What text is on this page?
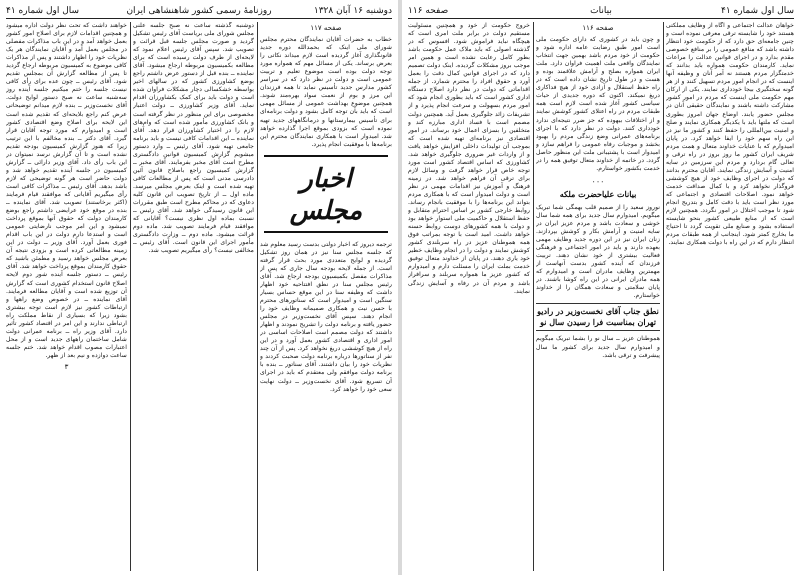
دوشنبه ۱۶ آبان ۱۳۲۸
روزنامهٔ رسمی کشور شاهنشاهی ایران
سال اول شماره ۴۱
صفحه ۱۱۷
خطاب به حضرات آقایان نمایندگان محترم مجلس شورای ملی اینک که بحمدالله دوره جدید قانونگذاری آغاز گردیده است لازم میداند نکاتی را بعرض برساند. یکی از مسائل مهم که همواره مورد توجه دولت بوده است موضوع تعلیم و تربیت عمومی است و دولت در نظر دارد که در سراسر کشور مدارس جدید تأسیس نماید تا همه فرزندان این مرز و بوم از نعمت سواد بهره‌مند شوند. همچنین موضوع بهداشت عمومی از مسائل مهمی است که باید بآن توجه کامل بشود و دولت برنامه‌ای برای تأسیس بیمارستانها و درمانگاههای جدید تهیه نموده است که بزودی بموقع اجرا گذارده خواهد شد. امیدوار است با همکاری نمایندگان محترم این برنامه‌ها با موفقیت انجام پذیرد.
اخبار مجلس
ترجمه دیروز که اخبار دولتی بدست رسید معلوم شد که جلسه مجلس سنا نیز در همان روز تشکیل گردیده و لوایح متعددی مورد بحث قرار گرفته است. از جمله لایحه بودجه سال جاری که پس از مذاکرات مفصل بکمیسیون بودجه ارجاع شد. آقای رئیس مجلس سنا در نطق افتتاحیه خود اظهار داشت که وظیفه سنا در این موقع حساس بسیار سنگین است و امیدوار است که سناتورهای محترم با حسن نیت و همکاری صمیمانه وظایف خود را انجام دهند. سپس آقای نخست‌وزیر در مجلس حضور یافته و برنامه دولت را تشریح نمودند و اظهار داشتند که دولت مصمم است اصلاحات اساسی در امور اداری و اقتصادی کشور بعمل آورد و در این راه از هیچ کوششی دریغ نخواهد کرد. پس از آن چند نفر از سناتورها درباره برنامه دولت صحبت کردند و نظریات خود را بیان داشتند. آقای سناتور ــ بنده با برنامه دولت موافقم ولی معتقدم که باید در اجرای آن تسریع شود. آقای نخست‌وزیر ــ دولت نهایت سعی خود را خواهد کرد.
دوشنبه گذشته ساعت نه صبح جلسه علنی مجلس شورای ملی بریاست آقای رئیس تشکیل گردید و صورت مجلس جلسه قبل قرائت و تصویب شد. سپس آقای رئیس اعلام نمود که لایحه‌ای از طرف دولت رسیده است که برای مطالعه بکمیسیون مربوطه ارجاع میشود. آقای نماینده ــ بنده قبل از دستور عرض داشتم راجع بوضع کشاورزی کشور که در سالهای اخیر بواسطه خشکسالی دچار مشکلات فراوان شده است و دولت باید برای کمک بکشاورزان اقدام نماید. آقای وزیر کشاورزی ــ دولت اعتبار مخصوصی برای این منظور در نظر گرفته است و بانک کشاورزی مأمور شده است که وام‌های لازم را در اختیار کشاورزان قرار دهد. آقای نماینده ــ این اقدامات کافی نیست و باید برنامه جامعی تهیه شود. آقای رئیس ــ وارد دستور میشویم گزارش کمیسیون قوانین دادگستری مطرح است آقای مخبر بفرمایند. آقای مخبر ــ گزارش کمیسیون راجع باصلاح قانون آئین دادرسی مدنی است که پس از مطالعات کافی تهیه شده است و اینک بعرض مجلس میرسد. ماده اول ــ از تاریخ تصویب این قانون کلیه دعاوی که در محاکم مطرح است طبق مقررات این قانون رسیدگی خواهد شد. آقای رئیس ــ نسبت بماده اول نظری نیست؟ آقایانی که موافقند قیام فرمایند تصویب شد. ماده دوم قرائت میشود. ماده دوم ــ وزارت دادگستری مأمور اجرای این قانون است. آقای رئیس ــ مخالفی نیست؟ رأی میگیریم تصویب شد.
خواهند داشت که تحت نظر دولت اداره میشود و همچنین اقدامات لازم برای اصلاح امور کشور بعمل خواهد آمد و در این باب مذاکرات مفصلی در مجلس بعمل آمد و آقایان نمایندگان هر یک نظریات خود را اظهار داشتند و پس از مذاکرات کافی موضوع به کمیسیون مربوطه ارجاع گردید تا پس از مطالعه گزارش آن بمجلس تقدیم شود. آقای رئیس ــ چون عده برای رأی کافی نیست جلسه را ختم میکنیم جلسه آینده روز سه‌شنبه ساعت نه صبح دستور لوایح دولت. آقای نخست‌وزیر ــ بنده لازم میدانم توضیحاتی عرض کنم راجع بلایحه‌ای که تقدیم شده است این لایحه برای اصلاح وضع اقتصادی کشور است و امیدوارم که مورد توجه آقایان قرار گیرد. آقای دکتر ــ بنده مخالفم با این ترتیب زیرا که هنوز گزارش کمیسیون بودجه تقدیم نشده است و تا آن گزارش نرسد نمیتوان در این باب رأی داد. آقای وزیر دارائی ــ گزارش کمیسیون در جلسه آینده تقدیم خواهد شد و دولت حاضر است هر گونه توضیحی که لازم باشد بدهد. آقای رئیس ــ مذاکرات کافی است رأی میگیریم آقایانی که موافقند قیام فرمایند (اکثر برخاستند) تصویب شد. آقای نماینده ــ بنده در موقع خود عرایضی داشتم راجع بوضع کارمندان دولت که حقوق آنها بموقع پرداخت نمیشود و این امر موجب نارضایتی عمومی است و استدعا دارم دولت در این باب اقدام فوری بعمل آورد. آقای وزیر ــ دولت در این زمینه مطالعاتی کرده است و بزودی نتیجه آن بعرض مجلس خواهد رسید و مطمئن باشید که حقوق کارمندان بموقع پرداخت خواهد شد. آقای رئیس ــ دستور جلسه آینده شور دوم لایحه اصلاح قانون استخدام کشوری است که گزارش آن توزیع شده است و آقایان مطالعه فرمایند. آقای نماینده ــ در خصوص وضع راهها و ارتباطات کشور نیز لازم است توجه بیشتری بشود زیرا که بسیاری از نقاط مملکت راه ارتباطی ندارند و این امر در اقتصاد کشور تأثیر دارد. آقای وزیر راه ــ برنامه عمرانی دولت شامل ساختمان راههای جدید است و از محل اعتبارات مصوب اقدام خواهد شد. ختم جلسه ساعت دوازده و نیم بعد از ظهر.
۳
سال اول شماره ۴۱
بیانات
صفحه ۱۱۶
خواهان عدالت اجتماعی و آگاه از وظایف مملکتی هستند خود را شایسته ترقی معرفی نموده است و چنین جامعه‌ای حق دارد که از حکومت خود انتظار داشته باشد که منافع عمومی را بر منافع خصوصی مقدم بدارد و در اجرای قوانین عدالت را مراعات نماید. کارمندان حکومت همواره باید بدانند که خدمتگزار مردم هستند نه آمر آنان و وظیفه آنها اینست که در انجام امور مردم تسهیل کنند و از هر گونه سختگیری بیجا خودداری نمایند. یکی از ارکان مهم حکومت ملی اینست که مردم در امور کشور مشارکت داشته باشند و نمایندگان حقیقی آنان در مجلس حضور یابند. اوضاع جهان امروز بطوری است که ملتها باید با یکدیگر همکاری نمایند و صلح و امنیت بین‌المللی را حفظ کنند و کشور ما نیز در این راه سهم خود را ایفا خواهد کرد. در پایان امیدوارم که با عنایات خداوند متعال و همت مردم شریف ایران کشور ما روز بروز در راه ترقی و تعالی گام بردارد و مردم این سرزمین در سایه امنیت و آسایش زندگی نمایند. آقایان محترم بدانند که دولت در اجرای وظایف خود از هیچ کوششی فروگذار نخواهد کرد و با کمال صداقت خدمت خواهد نمود. اصلاحات اقتصادی و اجتماعی که مورد نظر است باید با دقت کامل و بتدریج انجام شود تا موجب اختلال در امور نگردد. همچنین لازم است که از منابع طبیعی کشور بنحو شایسته استفاده بشود و صنایع ملی تقویت گردد تا احتیاج ما بخارج کمتر شود. اینجانب از همه طبقات مردم انتظار دارم که در این راه با دولت همکاری نمایند.
صفحه ۱۱۶
و چون باید در کشوری که دارای حکومت ملی است امور طبق رضایت عامه اداره شود و حکومت از خود مردم باشد بهمین جهت انتخاب نمایندگان واقعی ملت اهمیت فراوان دارد. ملت ایران همواره بصلح و آرامش علاقمند بوده و هست و در طول تاریخ نشان داده است که در راه حفظ استقلال و آزادی خود از هیچ فداکاری دریغ نمیکند. اکنون که دوره جدیدی از حیات سیاسی کشور آغاز شده است لازم است همه طبقات مردم در راه اعتلای کشور کوشش نمایند و از اختلافات بیهوده که جز ضرر نتیجه‌ای ندارد خودداری کنند. دولت در نظر دارد که با اجرای برنامه‌های عمرانی وضع زندگی مردم را بهبود بخشد و موجبات رفاه عمومی را فراهم سازد و امیدوار است با پشتیبانی ملت این منظور حاصل گردد. در خاتمه از خداوند متعال توفیق همه را در خدمت بکشور خواستارم.
۰۰۰
بیانات علیاحضرت ملکه
نوروز سعید را از صمیم قلب بهمگی شما تبریک میگویم. امیدوارم سال جدید برای همه شما سال خوشی و سعادت باشد و مردم عزیز ایران در سایه امنیت و آرامش بکار و کوشش بپردازند. زنان ایران نیز در این دوره جدید وظایف مهمی بعهده دارند و باید در امور اجتماعی و فرهنگی فعالیت بیشتری از خود نشان دهند. تربیت فرزندان که آینده کشور بدست آنهاست از مهمترین وظایف مادران است و امیدوارم که همه مادران ایرانی در این راه کوشا باشند. در پایان سلامتی و سعادت همگان را از خداوند خواستارم.
نطق جناب آقای نخست‌وزیر در رادیو تهران بمناسبت فرا رسیدن سال نو
هموطنان عزیز ــ سال نو را بشما تبریک میگویم و امیدوارم سال جدید برای کشور ما سال پیشرفت و ترقی باشد.
خروج حکومت از خود و همچنین مسئولیت مستقیم دولت در برابر ملت امری است که هیچگاه نباید فراموش شود. افسوس که در گذشته اصولی که باید ملاک عمل حکومت باشد بطور کامل رعایت نشده است و همین امر موجب بروز مشکلات گردیده. اینک دولت تصمیم دارد که در اجرای قوانین کمال دقت را بعمل آورد و حقوق افراد را محترم شمارد. از جمله اقداماتی که دولت در نظر دارد اصلاح دستگاه اداری کشور است که باید بطوری انجام شود که امور مردم بسهولت و سرعت انجام پذیرد و از تشریفات زائد جلوگیری بعمل آید. همچنین دولت مصمم است با فساد اداری مبارزه کند و متخلفین را بسزای اعمال خود برساند. در امور اقتصادی نیز برنامه‌ای تهیه شده است که بموجب آن تولیدات داخلی افزایش خواهد یافت و از واردات غیر ضروری جلوگیری خواهد شد. کشاورزی که اساس اقتصاد کشور است مورد توجه خاص قرار خواهد گرفت و وسائل لازم برای ترقی آن فراهم خواهد شد. در زمینه فرهنگ و آموزش نیز اقدامات مهمی در نظر است و دولت امیدوار است که با همکاری مردم بتواند این برنامه‌ها را با موفقیت بانجام رساند. روابط خارجی کشور بر اساس احترام متقابل و حفظ استقلال و حاکمیت ملی استوار خواهد بود و دولت با همه کشورهای دوست روابط حسنه خواهد داشت. امید است با توجه بمراتب فوق همه هموطنان عزیز در راه سربلندی کشور کوشش نمایند و دولت را در انجام وظایف خطیر خود یاری دهند. در پایان از خداوند متعال توفیق خدمت بملت ایران را مسئلت دارم و امیدوارم که کشور عزیز ما همواره سربلند و سرافراز باشد و مردم آن در رفاه و آسایش زندگی نمایند.
